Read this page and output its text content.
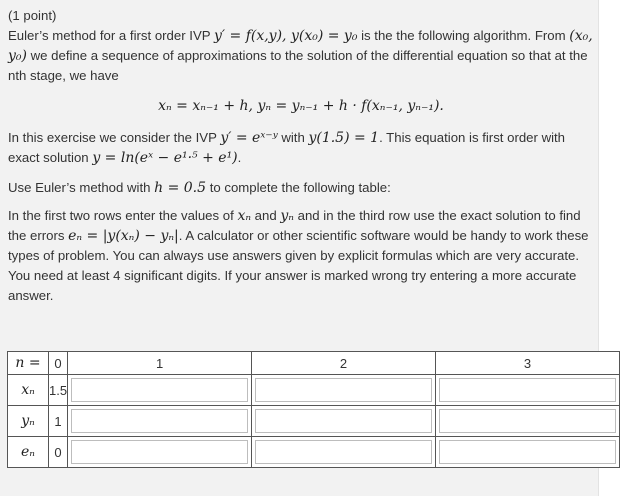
(1 point)

Euler’s method for a first order IVP y′ = f(x,y), y(x₀) = y₀ is the the following algorithm. From (x₀, y₀) we define a sequence of approximations to the solution of the differential equation so that at the nth stage, we have

xₙ = xₙ₋₁ + h, yₙ = yₙ₋₁ + h · f(xₙ₋₁, yₙ₋₁).

In this exercise we consider the IVP y′ = eˣ⁻ʸ with y(1.5) = 1. This equation is first order with exact solution y = ln(eˣ − e¹·⁵ + e¹).

Use Euler’s method with h = 0.5 to complete the following table:

In the first two rows enter the values of xₙ and yₙ and in the third row use the exact solution to find the errors eₙ = |y(xₙ) − yₙ|. A calculator or other scientific software would be handy to work these types of problem. You can always use answers given by explicit formulas which are very accurate. You need at least 4 significant digits. If your answer is marked wrong try entering a more accurate answer.

n =	0	1	2	3
xₙ	1.5	

yₙ	1	

eₙ	0	
